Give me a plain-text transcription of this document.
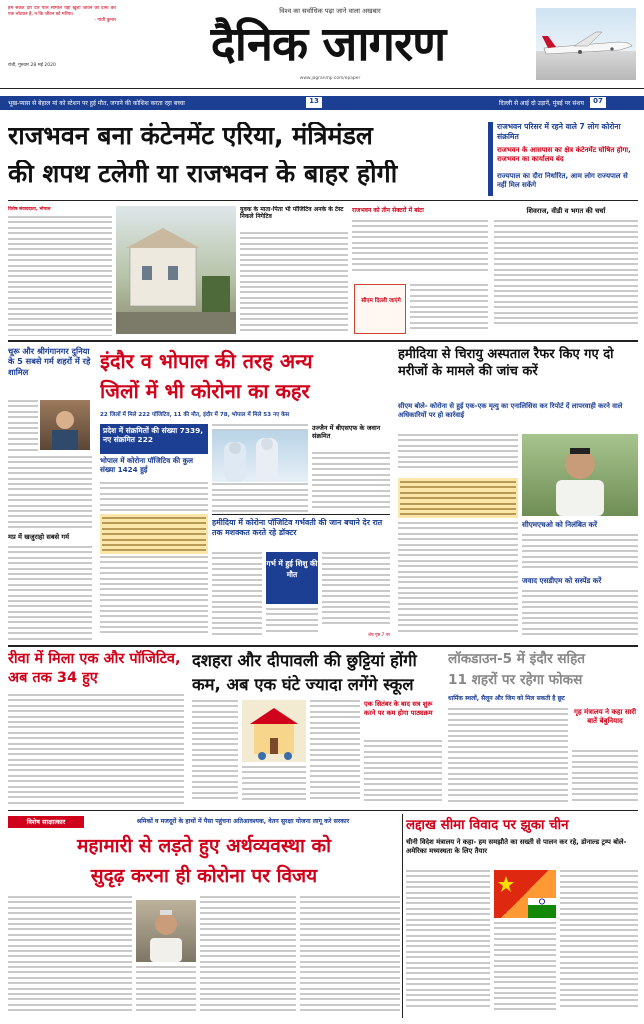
हम संकेत दार दार पाले समिलि यहीं खुशी जीवन को दाना कर एक लोटकर है, न कि जीवन को मरिया।
- गांधी कुमार
रांची, गुरुवार 28 मई 2020
विश्व का सर्वाधिक पढ़ा जाने वाला अखबार
दैनिक जागरण
www.jagranmp.com/epaper
भूख-प्यास से बेहाल मां को स्टेशन पर हुई मौत, जगाने की कोशिश करता रहा बच्चा	13	दिल्ली से आई दो उड़ानें, मुंबई पर संशय	07
राजभवन बना कंटेनमेंट एरिया, मंत्रिमंडल
की शपथ टलेगी या राजभवन के बाहर होगी
राजभवन परिसर में रहने वाले 7 लोग कोरोना संक्रमित
राजभवन के आसपास का क्षेत्र कंटेनमेंट घोषित होगा, राजभवन का कार्यालय बंद
राज्यपाल का दौरा निर्धारित, आम लोग राज्यपाल से नहीं मिल सकेंगे
विशेष संवाददाता, भोपाल	युवक के माता-पिता भी पॉजिटिव अनके के टेस्ट निकले निगेटिव
राजभवन को तीन सेक्टरों में बांटा
सीएम दिल्ली जाएंगे
शिवराज, वीडी व भगत की चर्चा
चूरू और श्रीगंगानगर दुनिया के 5 सबसे गर्म शहरों में रहे शामिल
मप्र में खजुराहो सबसे गर्म
इंदौर व भोपाल की तरह अन्य
जिलों में भी कोरोना का कहर
22 जिलों में मिले 222 पॉजिटिव, 11 की मौत, इंदौर में 78, भोपाल में मिले 53 नए केस
प्रदेश में संक्रमितों की संख्या 7339, नए संक्रमित 222
भोपाल में कोरोना पॉजिटिव की कुल संख्या 1424 हुई
उज्जैन में बीएसएफ के जवान संक्रमित
हमीदिया में कोरोना पॉजिटिव गर्भवती की जान बचाने देर रात तक मशक्कत करते रहे डॉक्टर
गर्भ में हुई शिशु की मौत
शेष पृष्ठ 7 पर
हमीदिया से चिरायु अस्पताल रैफर किए गए दो मरीजों के मामले की जांच करें
सीएम बोले- कोरोना से हुई एक-एक मृत्यु का एनालिसिस कर रिपोर्ट दें लापरवाही करने वाले अधिकारियों पर हो कार्रवाई
सीएमएचओ को निलंबित करें
जवाद एसडीएम को सस्पेंड करें
रीवा में मिला एक और पॉजिटिव, अब तक 34 हुए
दशहरा और दीपावली की छुट्टियां होंगी
कम, अब एक घंटे ज्यादा लगेंगे स्कूल
एक सितंबर के बाद सत्र शुरू करने पर कम होगा पाठ्यक्रम
लॉकडाउन-5 में इंदौर सहित
11 शहरों पर रहेगा फोकस
धार्मिक स्थलों, सैलून और जिम को मिल सकती है छूट
गृह मंत्रालय ने कहा सारी बातें बेबुनियाद
विशेष साक्षात्कार	श्रमिकों व मजदूरों के हाथों में पैसा पहुंचना अतिआवश्यक, वेतन सुरक्षा योजना लागू करे सरकार
महामारी से लड़ते हुए अर्थव्यवस्था को
सुदृढ़ करना ही कोरोना पर विजय
लद्दाख सीमा विवाद पर झुका चीन
चीनी विदेश मंत्रालय ने कहा- हम समझौते का सख्ती से पालन कर रहे, डोनाल्ड ट्रम्प बोले- अमेरिका मध्यस्थता के लिए तैयार
